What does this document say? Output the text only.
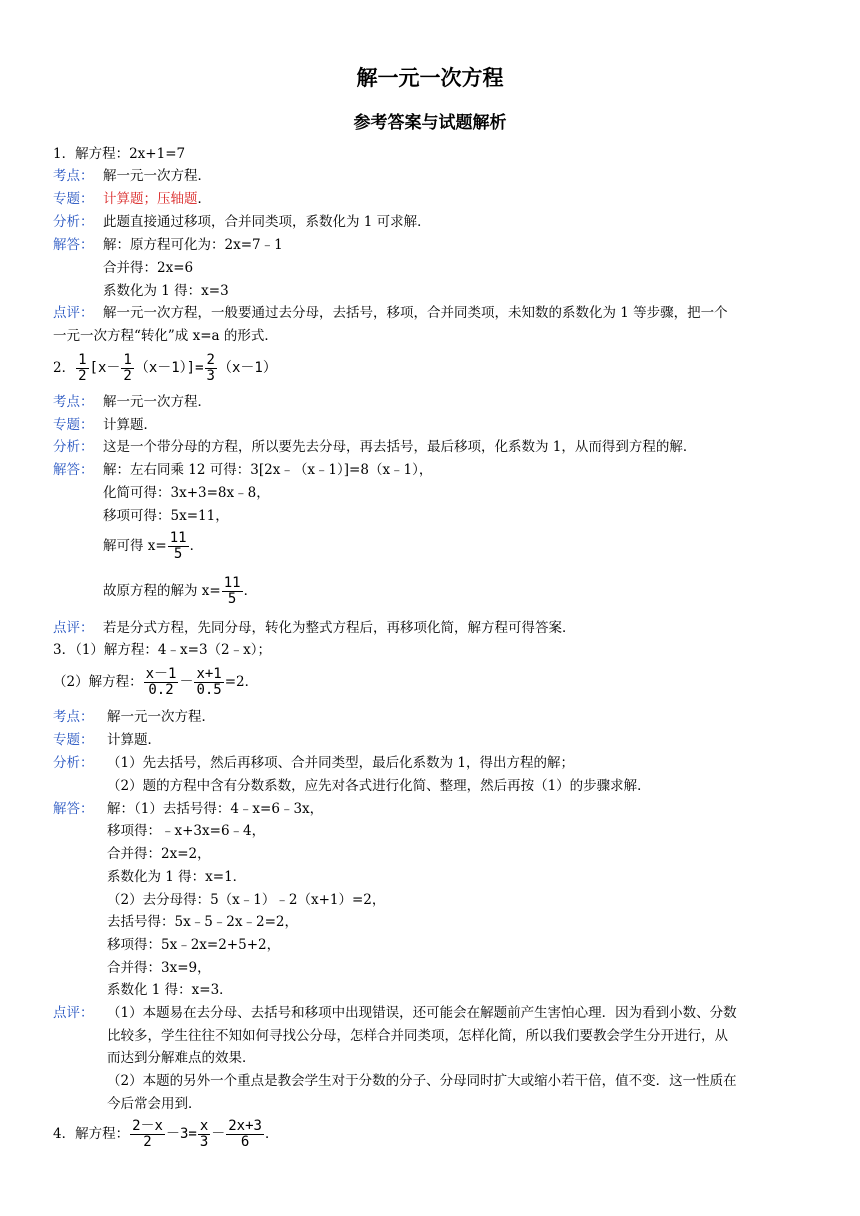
解一元一次方程
参考答案与试题解析
1．解方程：2x+1=7
考点： 解一元一次方程．
专题： 计算题；压轴题．
分析： 此题直接通过移项，合并同类项，系数化为 1 可求解．
解答： 解：原方程可化为：2x=7﹣1
合并得：2x=6
系数化为 1 得：x=3
点评： 解一元一次方程，一般要通过去分母，去括号，移项，合并同类项，未知数的系数化为 1 等步骤，把一个
一元一次方程“转化”成 x=a 的形式．
2． $\frac{1}{2} [x- \frac{1}{2} (x-1)]= \frac{2}{3} (x-1)$
考点： 解一元一次方程．
专题： 计算题．
分析： 这是一个带分母的方程，所以要先去分母，再去括号，最后移项，化系数为 1，从而得到方程的解．
解答： 解：左右同乘 12 可得：3[2x﹣（x﹣1）]=8（x﹣1），
化简可得：3x+3=8x﹣8，
移项可得：5x=11，
解可得 $x= \frac{11}{5}$ ．
故原方程的解为 $x= \frac{11}{5}$ ．
点评： 若是分式方程，先同分母，转化为整式方程后，再移项化简，解方程可得答案．
3．（1）解方程：4﹣x=3（2﹣x）；
（2）解方程： $\frac{x-1}{0.2} - \frac{x+1}{0.5} =2$．
考点： 解一元一次方程．
专题： 计算题．
分析： （1）先去括号，然后再移项、合并同类型，最后化系数为 1，得出方程的解；
（2）题的方程中含有分数系数，应先对各式进行化简、整理，然后再按（1）的步骤求解．
解答： 解：（1）去括号得：4﹣x=6﹣3x，
移项得：﹣x+3x=6﹣4，
合并得：2x=2，
系数化为 1 得：x=1．
（2）去分母得：5（x﹣1）﹣2（x+1）=2，
去括号得：5x﹣5﹣2x﹣2=2，
移项得：5x﹣2x=2+5+2，
合并得：3x=9，
系数化 1 得：x=3．
点评： （1）本题易在去分母、去括号和移项中出现错误，还可能会在解题前产生害怕心理．因为看到小数、分数
比较多，学生往往不知如何寻找公分母，怎样合并同类项，怎样化简，所以我们要教会学生分开进行，从
而达到分解难点的效果．
（2）本题的另外一个重点是教会学生对于分数的分子、分母同时扩大或缩小若干倍，值不变．这一性质在
今后常会用到．
4．解方程： $\frac{2-x}{2} -3= \frac{x}{3} - \frac{2x+3}{6}$ ．
